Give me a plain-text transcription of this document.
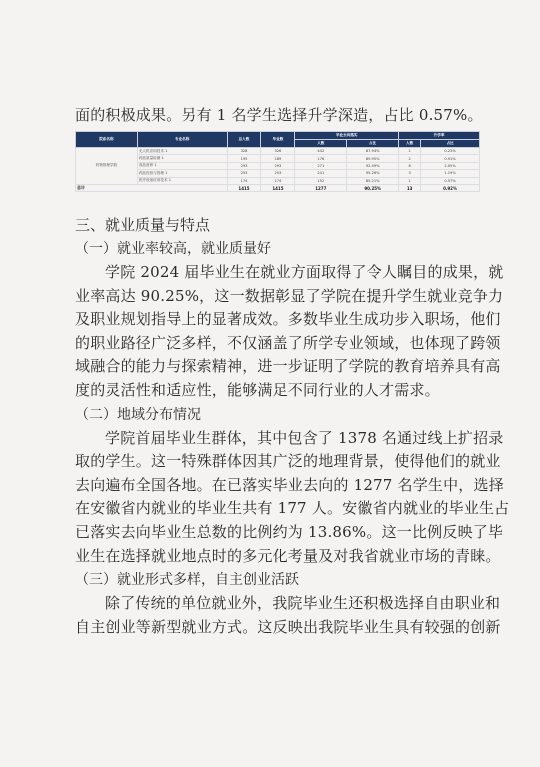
面的积极成果。另有 1 名学生选择升学深造，占比 0.57%。
院系名称	专业名称	总人数	毕业数	毕业去向落实		升学率	
				人数	占比	人数	占比
药物管理学院	无人机应用技术 1	328	326	442	87.94%	1	0.23%
	药品质量检测 1	195	189	176	89.95%	2	0.91%
	食品营养 1	293	293	271	92.49%	6	2.05%
	药品经营与管理 1	253	253	241	95.26%	3	1.19%
	医疗设备应用技术 1	174	174	152	85.21%	1	0.57%
总计		1415	1415	1277	90.25%	13	0.92%
三、就业质量与特点
（一）就业率较高，就业质量好
学院 2024 届毕业生在就业方面取得了令人瞩目的成果，就
业率高达 90.25%，这一数据彰显了学院在提升学生就业竞争力
及职业规划指导上的显著成效。多数毕业生成功步入职场，他们
的职业路径广泛多样，不仅涵盖了所学专业领域，也体现了跨领
域融合的能力与探索精神，进一步证明了学院的教育培养具有高
度的灵活性和适应性，能够满足不同行业的人才需求。
（二）地域分布情况
学院首届毕业生群体，其中包含了 1378 名通过线上扩招录
取的学生。这一特殊群体因其广泛的地理背景，使得他们的就业
去向遍布全国各地。在已落实毕业去向的 1277 名学生中，选择
在安徽省内就业的毕业生共有 177 人。安徽省内就业的毕业生占
已落实去向毕业生总数的比例约为 13.86%。这一比例反映了毕
业生在选择就业地点时的多元化考量及对我省就业市场的青睐。
（三）就业形式多样，自主创业活跃
除了传统的单位就业外，我院毕业生还积极选择自由职业和
自主创业等新型就业方式。这反映出我院毕业生具有较强的创新
